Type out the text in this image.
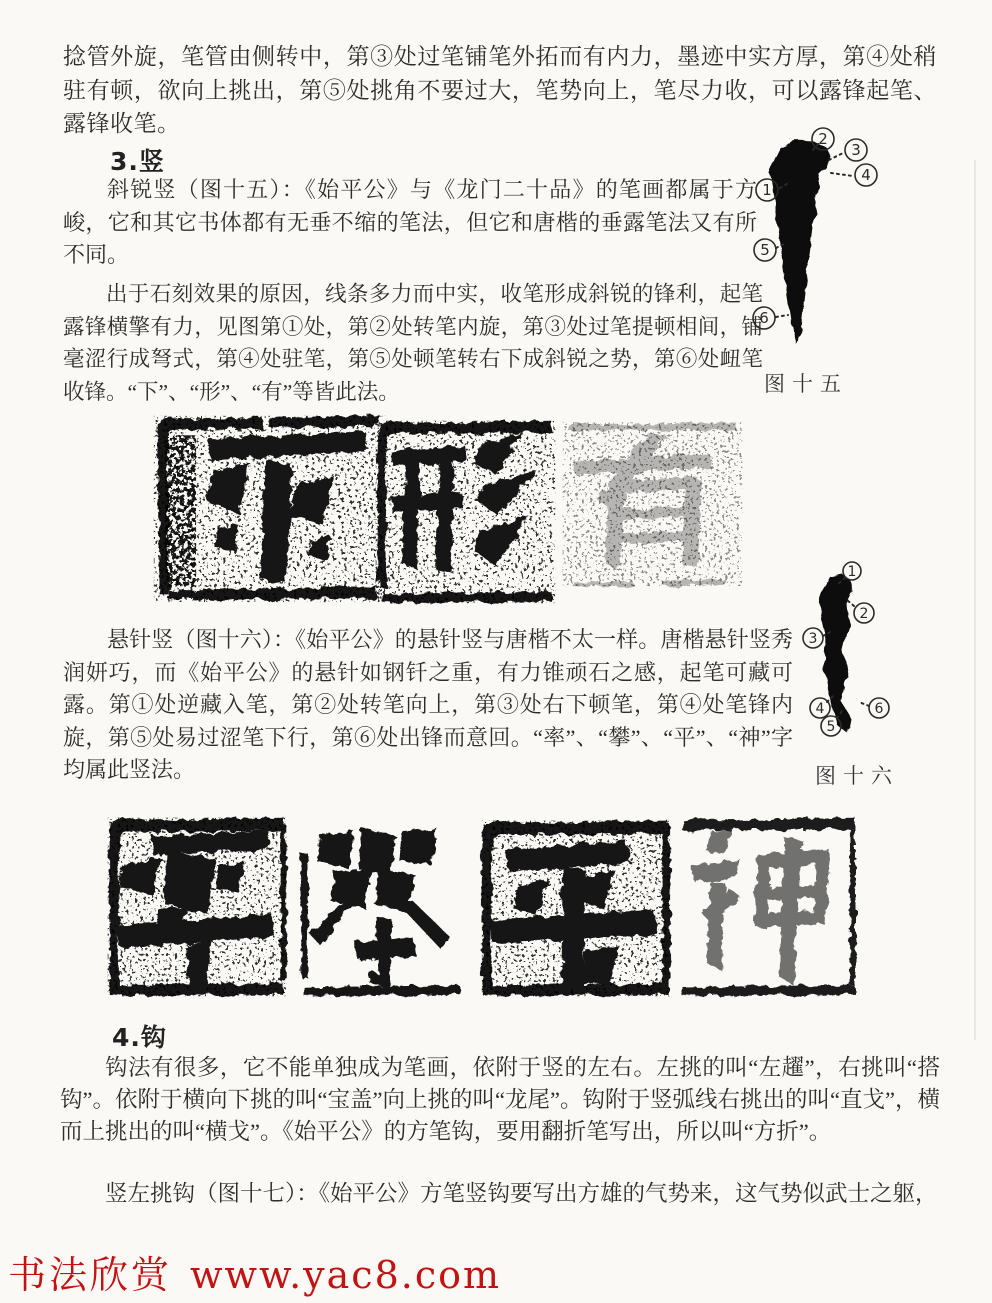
捻管外旋，笔管由侧转中，第③处过笔铺笔外拓而有内力，墨迹中实方厚，第④处稍驻有顿，欲向上挑出，第⑤处挑角不要过大，笔势向上，笔尽力收，可以露锋起笔、露锋收笔。

3.竖

斜锐竖（图十五）：《始平公》与《龙门二十品》的笔画都属于方峻，它和其它书体都有无垂不缩的笔法，但它和唐楷的垂露笔法又有所不同。

出于石刻效果的原因，线条多力而中实，收笔形成斜锐的锋利，起笔露锋横擎有力，见图第①处，第②处转笔内旋，第③处过笔提顿相间，铺毫涩行成弩式，第④处驻笔，第⑤处顿笔转右下成斜锐之势，第⑥处衄笔收锋。“下”、“形”、“有”等皆此法。

1
2
3
4
5
6
图十五

悬针竖（图十六）：《始平公》的悬针竖与唐楷不太一样。唐楷悬针竖秀润妍巧，而《始平公》的悬针如钢钎之重，有力锥顽石之感，起笔可藏可露。第①处逆藏入笔，第②处转笔向上，第③处右下顿笔，第④处笔锋内旋，第⑤处易过涩笔下行，第⑥处出锋而意回。“率”、“攀”、“平”、“神”字均属此竖法。

1
2
3
4
5
6
图十六
4.钩

钩法有很多，它不能单独成为笔画，依附于竖的左右。左挑的叫“左趯”，右挑叫“搭钩”。依附于横向下挑的叫“宝盖”向上挑的叫“龙尾”。钩附于竖弧线右挑出的叫“直戈”，横而上挑出的叫“横戈”。《始平公》的方笔钩，要用翻折笔写出，所以叫“方折”。

竖左挑钩（图十七）：《始平公》方笔竖钩要写出方雄的气势来，这气势似武士之躯，

书法欣赏 www.yac8.com
